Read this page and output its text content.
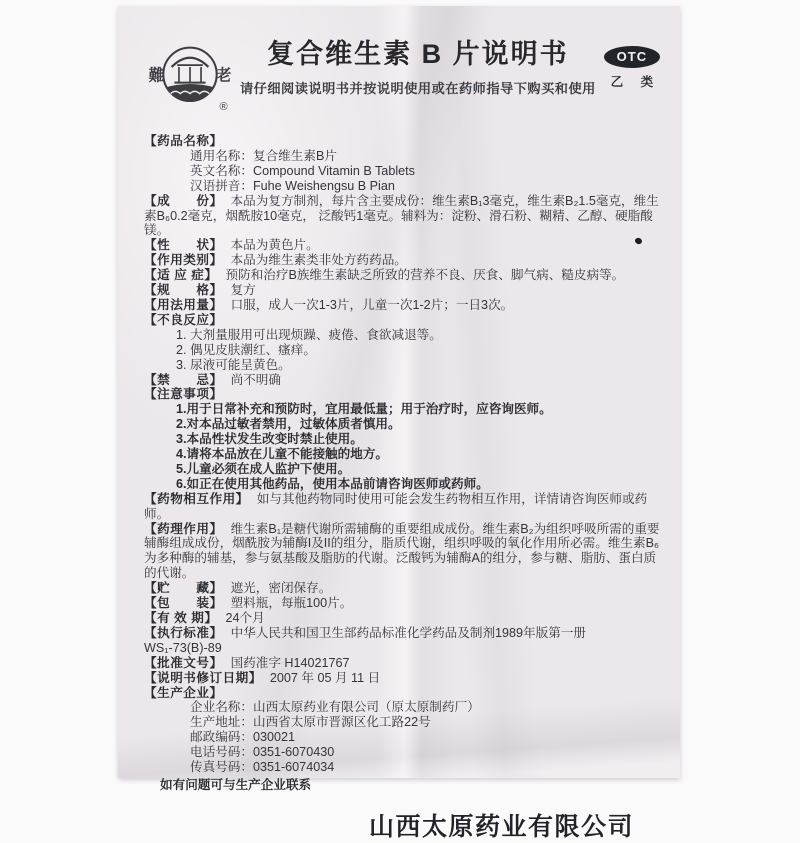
難	老
®
复合维生素 B 片说明书
请仔细阅读说明书并按说明使用或在药师指导下购买和使用
OTC
乙 类
【药品名称】
通用名称：复合维生素B片
英文名称：Compound Vitamin B Tablets
汉语拼音：Fuhe Weishengsu B Pian
【成　　份】 本品为复方制剂，每片含主要成份：维生素B₁3毫克，维生素B₂1.5毫克，维生素B₆0.2毫克，烟酰胺10毫克， 泛酸钙1毫克。辅料为：淀粉、滑石粉、糊精、乙醇、硬脂酸镁。
【性　　状】 本品为黄色片。
【作用类别】 本品为维生素类非处方药药品。
【适 应 症】 预防和治疗B族维生素缺乏所致的营养不良、厌食、脚气病、糙皮病等。
【规　　格】 复方
【用法用量】 口服，成人一次1-3片，儿童一次1-2片；一日3次。
【不良反应】
1. 大剂量服用可出现烦躁、疲倦、食欲减退等。
2. 偶见皮肤潮红、瘙痒。
3. 尿液可能呈黄色。
【禁　　忌】 尚不明确
【注意事项】
1.用于日常补充和预防时，宜用最低量；用于治疗时，应咨询医师。
2.对本品过敏者禁用，过敏体质者慎用。
3.本品性状发生改变时禁止使用。
4.请将本品放在儿童不能接触的地方。
5.儿童必须在成人监护下使用。
6.如正在使用其他药品，使用本品前请咨询医师或药师。
【药物相互作用】 如与其他药物同时使用可能会发生药物相互作用，详情请咨询医师或药师。
【药理作用】 维生素B₁是糖代谢所需辅酶的重要组成成份。维生素B₂为组织呼吸所需的重要辅酶组成成份，烟酰胺为辅酶I及II的组分，脂质代谢，组织呼吸的氧化作用所必需。维生素B₆为多种酶的辅基，参与氨基酸及脂肪的代谢。泛酸钙为辅酶A的组分，参与糖、脂肪、蛋白质的代谢。
【贮　　藏】 遮光，密闭保存。
【包　　装】 塑料瓶，每瓶100片。
【有 效 期】 24个月
【执行标准】 中华人民共和国卫生部药品标准化学药品及制剂1989年版第一册WS₁-73(B)-89
【批准文号】 国药准字 H14021767
【说明书修订日期】 2007 年 05 月 11 日
【生产企业】
企业名称：山西太原药业有限公司（原太原制药厂）
生产地址：山西省太原市晋源区化工路22号
邮政编码：030021
电话号码：0351-6070430
传真号码：0351-6074034
如有问题可与生产企业联系
山西太原药业有限公司
